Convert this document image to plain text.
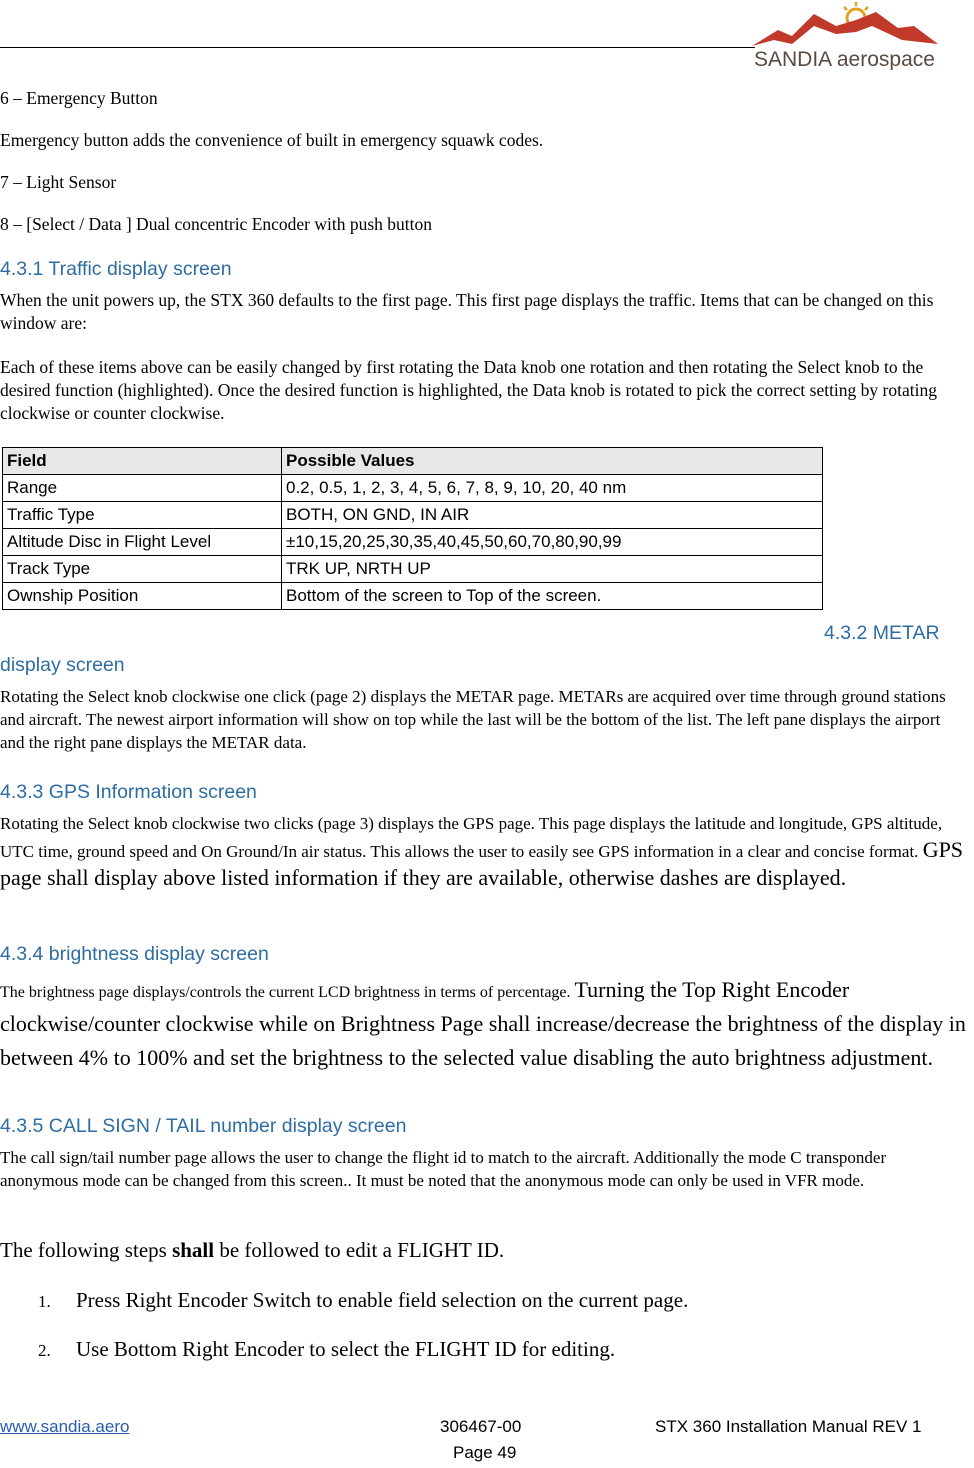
SANDIA aerospace
6 – Emergency Button
Emergency button adds the convenience of built in emergency squawk codes.
7 – Light Sensor
8 – [Select / Data ] Dual concentric Encoder with push button
4.3.1 Traffic display screen
When the unit powers up, the STX 360 defaults to the first page. This first page displays the traffic. Items that can be changed on this window are:
Each of these items above can be easily changed by first rotating the Data knob one rotation and then rotating the Select knob to the desired function (highlighted). Once the desired function is highlighted, the Data knob is rotated to pick the correct setting by rotating clockwise or counter clockwise.
Field	Possible Values
Range	0.2, 0.5, 1, 2, 3, 4, 5, 6, 7, 8, 9, 10, 20, 40 nm
Traffic Type	BOTH, ON GND, IN AIR
Altitude Disc in Flight Level	±10,15,20,25,30,35,40,45,50,60,70,80,90,99
Track Type	TRK UP, NRTH UP
Ownship Position	Bottom of the screen to Top of the screen.
4.3.2 METAR
display screen
Rotating the Select knob clockwise one click (page 2) displays the METAR page. METARs are acquired over time through ground stations and aircraft. The newest airport information will show on top while the last will be the bottom of the list. The left pane displays the airport and the right pane displays the METAR data.
4.3.3 GPS Information screen
Rotating the Select knob clockwise two clicks (page 3) displays the GPS page. This page displays the latitude and longitude, GPS altitude, UTC time, ground speed and On Ground/In air status. This allows the user to easily see GPS information in a clear and concise format. GPS page shall display above listed information if they are available, otherwise dashes are displayed.
4.3.4 brightness display screen
The brightness page displays/controls the current LCD brightness in terms of percentage. Turning the Top Right Encoder clockwise/counter clockwise while on Brightness Page shall increase/decrease the brightness of the display in between 4% to 100% and set the brightness to the selected value disabling the auto brightness adjustment.
4.3.5 CALL SIGN / TAIL number display screen
The call sign/tail number page allows the user to change the flight id to match to the aircraft. Additionally the mode C transponder anonymous mode can be changed from this screen.. It must be noted that the anonymous mode can only be used in VFR mode.
The following steps shall be followed to edit a FLIGHT ID.
1. Press Right Encoder Switch to enable field selection on the current page.
2. Use Bottom Right Encoder to select the FLIGHT ID for editing.
www.sandia.aero	306467-00	STX 360 Installation Manual REV 1
Page 49
